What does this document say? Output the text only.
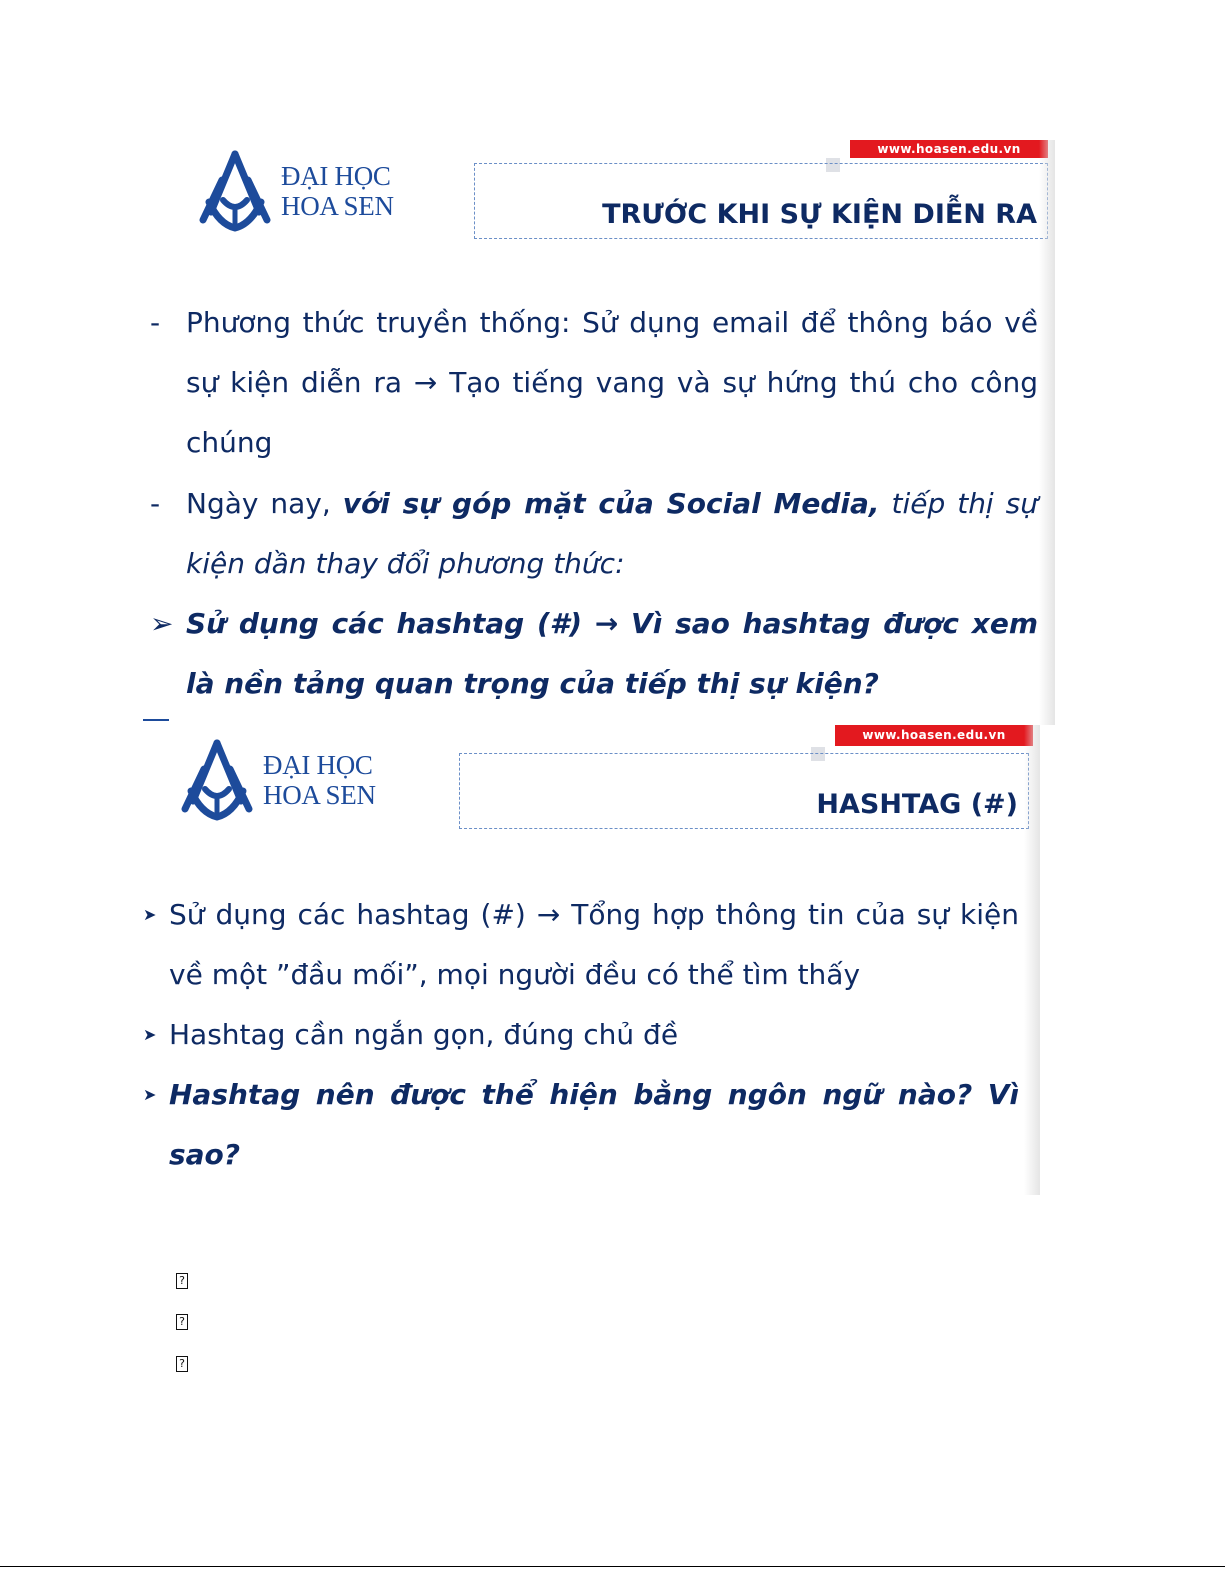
www.hoasen.edu.vn
ĐẠI HỌC
HOA SEN	TRƯỚC KHI SỰ KIỆN DIỄN RA
- Phương thức truyền thống: Sử dụng email để thông báo về sự kiện diễn ra → Tạo tiếng vang và sự hứng thú cho công chúng
- Ngày nay, với sự góp mặt của Social Media, tiếp thị sự kiện dần thay đổi phương thức:
➢ Sử dụng các hashtag (#) → Vì sao hashtag được xem là nền tảng quan trọng của tiếp thị sự kiện?
www.hoasen.edu.vn
ĐẠI HỌC
HOA SEN	HASHTAG (#)
➤ Sử dụng các hashtag (#) → Tổng hợp thông tin của sự kiện về một ”đầu mối”, mọi người đều có thể tìm thấy
➤ Hashtag cần ngắn gọn, đúng chủ đề
➤ Hashtag nên được thể hiện bằng ngôn ngữ nào? Vì sao?
?
?
?
